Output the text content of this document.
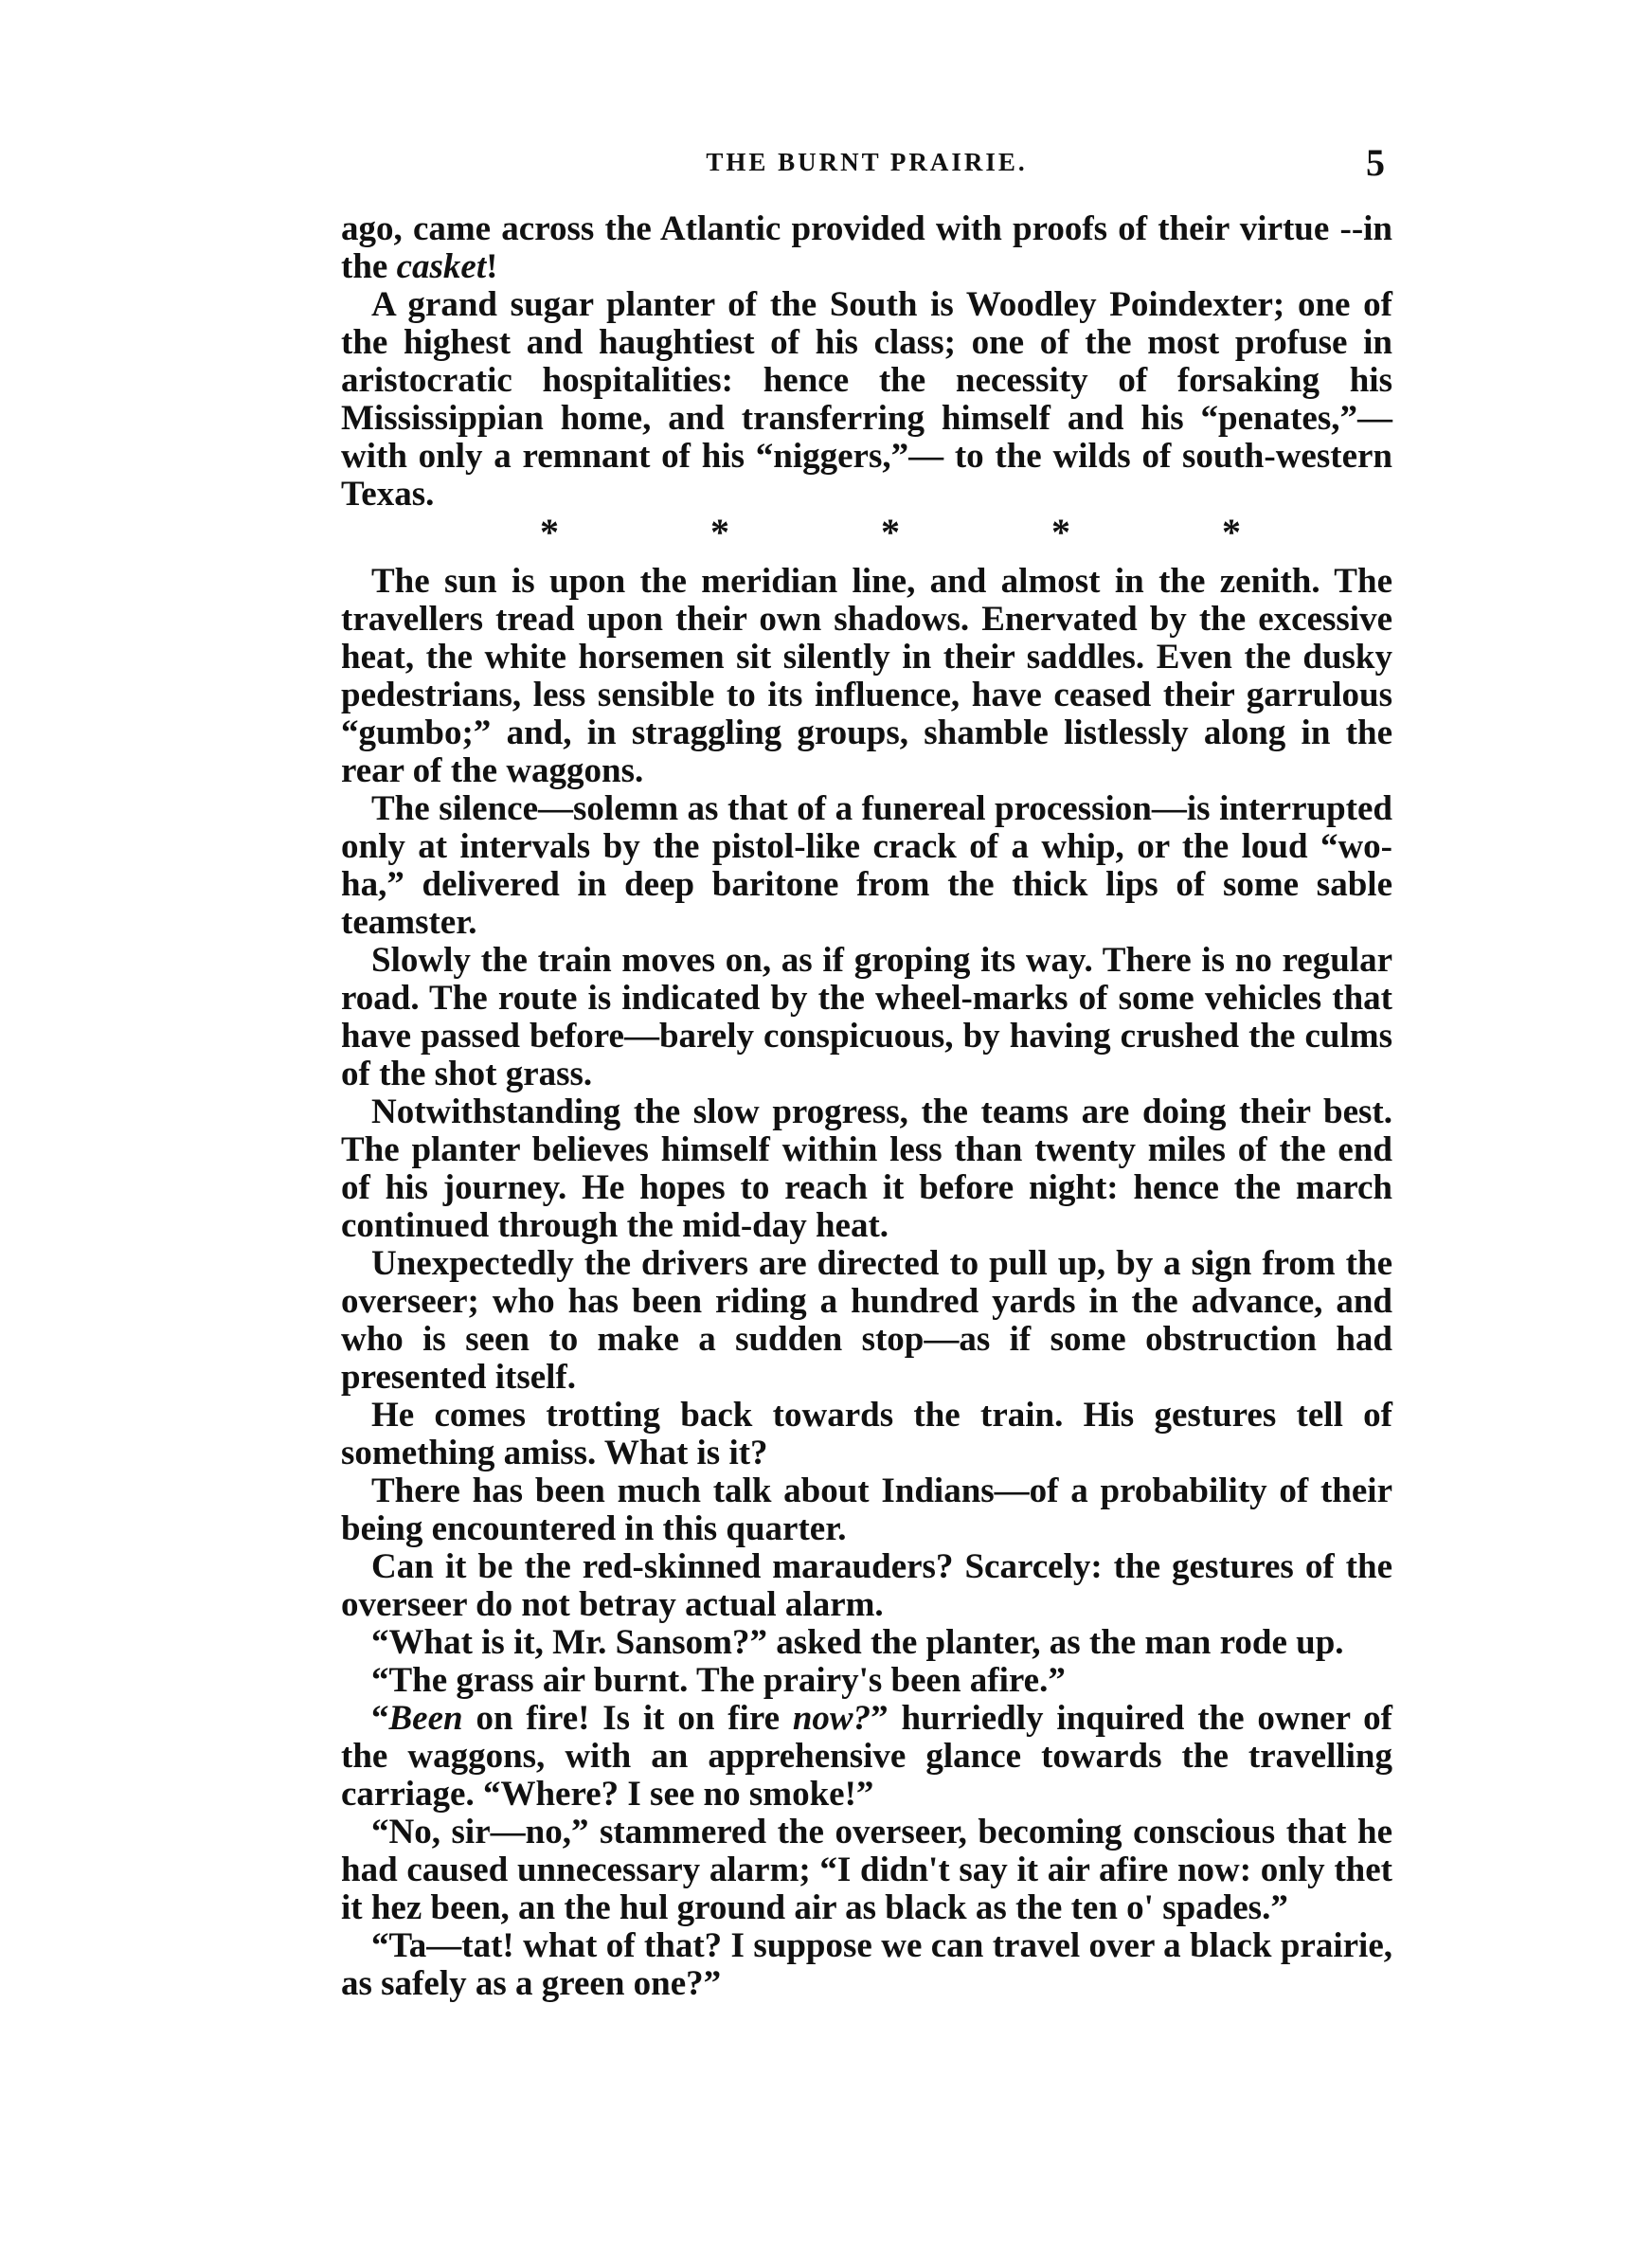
THE BURNT PRAIRIE.	5

ago, came across the Atlantic provided with proofs of their virtue --in the casket!

A grand sugar planter of the South is Woodley Poindexter; one of the highest and haughtiest of his class; one of the most profuse in aristocratic hospitalities: hence the necessity of forsaking his Mississippian home, and transferring himself and his “penates,”—with only a remnant of his “niggers,”— to the wilds of south-western Texas.

*	*	*	*	*

The sun is upon the meridian line, and almost in the zenith. The travellers tread upon their own shadows. Enervated by the excessive heat, the white horsemen sit silently in their saddles. Even the dusky pedestrians, less sensible to its influence, have ceased their garrulous “gumbo;” and, in straggling groups, shamble listlessly along in the rear of the waggons.

The silence—solemn as that of a funereal procession—is interrupted only at intervals by the pistol-like crack of a whip, or the loud “wo-ha,” delivered in deep baritone from the thick lips of some sable teamster.

Slowly the train moves on, as if groping its way. There is no regular road. The route is indicated by the wheel-marks of some vehicles that have passed before—barely conspicuous, by having crushed the culms of the shot grass.

Notwithstanding the slow progress, the teams are doing their best. The planter believes himself within less than twenty miles of the end of his journey. He hopes to reach it before night: hence the march continued through the mid-day heat.

Unexpectedly the drivers are directed to pull up, by a sign from the overseer; who has been riding a hundred yards in the advance, and who is seen to make a sudden stop—as if some obstruction had presented itself.

He comes trotting back towards the train. His gestures tell of something amiss. What is it?

There has been much talk about Indians—of a probability of their being encountered in this quarter.

Can it be the red-skinned marauders? Scarcely: the gestures of the overseer do not betray actual alarm.

“What is it, Mr. Sansom?” asked the planter, as the man rode up.

“The grass air burnt. The prairy's been afire.”

“Been on fire! Is it on fire now?” hurriedly inquired the owner of the waggons, with an apprehensive glance towards the travelling carriage. “Where? I see no smoke!”

“No, sir—no,” stammered the overseer, becoming conscious that he had caused unnecessary alarm; “I didn't say it air afire now: only thet it hez been, an the hul ground air as black as the ten o' spades.”

“Ta—tat! what of that? I suppose we can travel over a black prairie, as safely as a green one?”
